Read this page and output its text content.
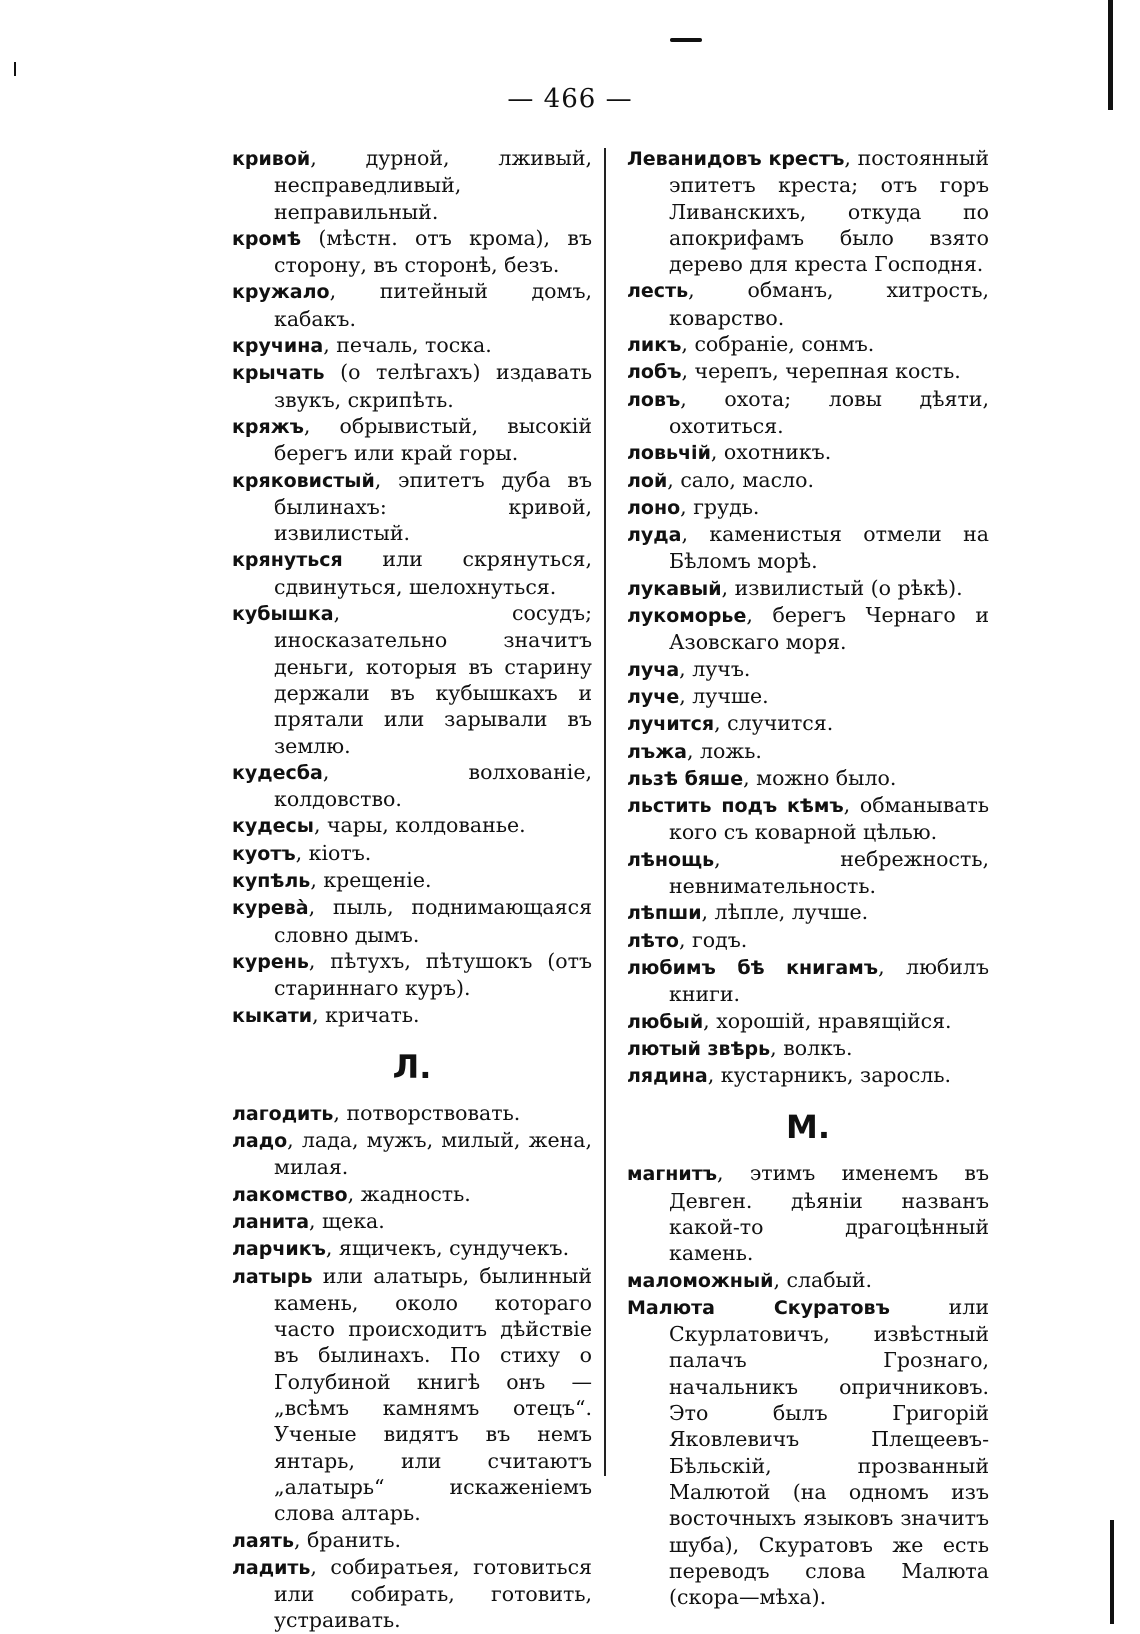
— 466 —
кривой, дурной, лживый, несправедливый, неправильный.
кромѣ (мѣстн. отъ крома), въ сторону, въ сторонѣ, безъ.
кружало, питейный домъ, кабакъ.
кручина, печаль, тоска.
крычать (о телѣгахъ) издавать звукъ, скрипѣть.
кряжъ, обрывистый, высокій берегъ или край горы.
кряковистый, эпитетъ дуба въ былинахъ: кривой, извилистый.
крянуться или скрянуться, сдвинуться, шелохнуться.
кубышка, сосудъ; иносказательно значитъ деньги, которыя въ старину держали въ кубышкахъ и прятали или зарывали въ землю.
кудесба, волхованіе, колдовство.
кудесы, чары, колдованье.
куотъ, кіотъ.
купѣль, крещеніе.
курева̀, пыль, поднимающаяся словно дымъ.
курень, пѣтухъ, пѣтушокъ (отъ стариннаго куръ).
кыкати, кричать.
Л.
лагодить, потворствовать.
ладо, лада, мужъ, милый, жена, милая.
лакомство, жадность.
ланита, щека.
ларчикъ, ящичекъ, сундучекъ.
латырь или алатырь, былинный камень, около котораго часто происходитъ дѣйствіе въ былинахъ. По стиху о Голубиной книгѣ онъ — „всѣмъ камнямъ отецъ“. Ученые видятъ въ немъ янтарь, или считаютъ „алатырь“ искаженіемъ слова алтарь.
лаять, бранить.
ладить, собиратьея, готовиться или собирать, готовить, устраивать.
Леванидовъ крестъ, постоянный эпитетъ креста; отъ горъ Ливанскихъ, откуда по апокрифамъ было взято дерево для креста Господня.
лесть, обманъ, хитрость, коварство.
ликъ, собраніе, сонмъ.
лобъ, черепъ, черепная кость.
ловъ, охота; ловы дѣяти, охотиться.
ловьчій, охотникъ.
лой, сало, масло.
лоно, грудь.
луда, каменистыя отмели на Бѣломъ морѣ.
лукавый, извилистый (о рѣкѣ).
лукоморье, берегъ Чернаго и Азовскаго моря.
луча, лучъ.
луче, лучше.
лучится, случится.
лъжа, ложь.
льзѣ бяше, можно было.
льстить подъ кѣмъ, обманывать кого съ коварной цѣлью.
лѣнощь, небрежность, невнимательность.
лѣпши, лѣпле, лучше.
лѣто, годъ.
любимъ бѣ книгамъ, любилъ книги.
любый, хорошій, нравящійся.
лютый звѣрь, волкъ.
лядина, кустарникъ, заросль.
М.
магнитъ, этимъ именемъ въ Девген. дѣяніи названъ какой-то драгоцѣнный камень.
маломожный, слабый.
Малюта Скуратовъ или Скурлатовичъ, извѣстный палачъ Грознаго, начальникъ опричниковъ. Это былъ Григорій Яковлевичъ Плещеевъ-Бѣльскій, прозванный Малютой (на одномъ изъ восточныхъ языковъ значитъ шуба), Скуратовъ же есть переводъ слова Малюта (скора—мѣха).
